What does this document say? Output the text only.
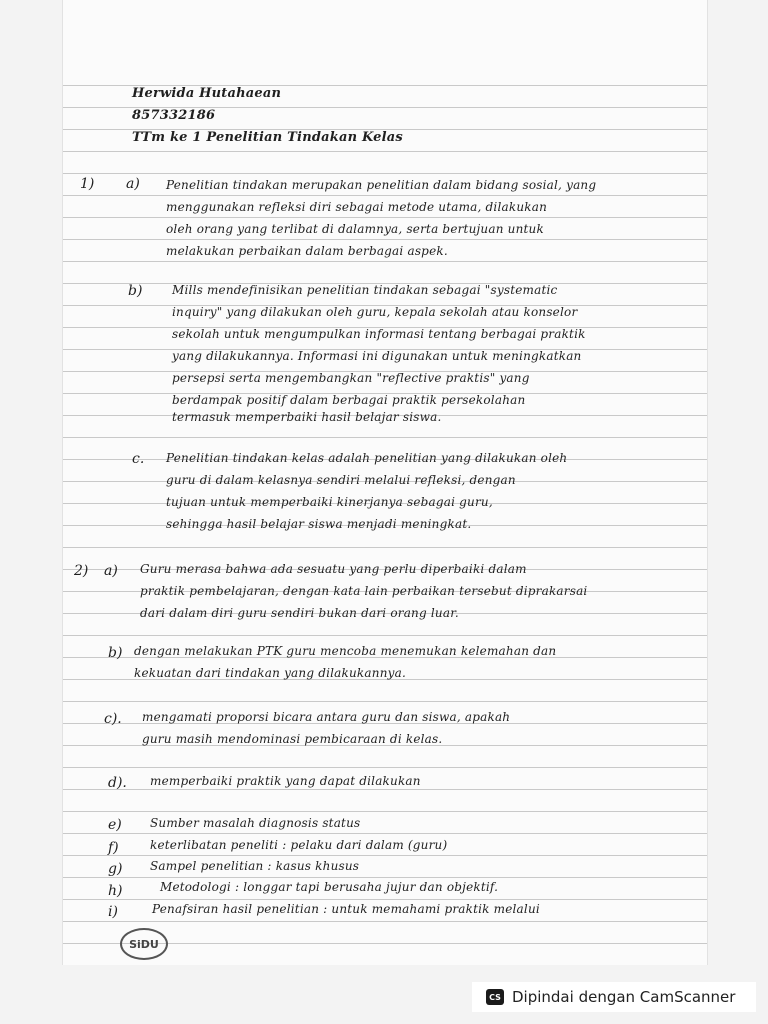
Herwida Hutahaean
857332186
TTm ke 1 Penelitian Tindakan Kelas
1) a) Penelitian tindakan merupakan penelitian dalam bidang sosial, yang
menggunakan refleksi diri sebagai metode utama, dilakukan
oleh orang yang terlibat di dalamnya, serta bertujuan untuk
melakukan perbaikan dalam berbagai aspek.
b) Mills mendefinisikan penelitian tindakan sebagai "systematic
inquiry" yang dilakukan oleh guru, kepala sekolah atau konselor
sekolah untuk mengumpulkan informasi tentang berbagai praktik
yang dilakukannya. Informasi ini digunakan untuk meningkatkan
persepsi serta mengembangkan "reflective praktis" yang
berdampak positif dalam berbagai praktik persekolahan
termasuk memperbaiki hasil belajar siswa.
c. Penelitian tindakan kelas adalah penelitian yang dilakukan oleh
guru di dalam kelasnya sendiri melalui refleksi, dengan
tujuan untuk memperbaiki kinerjanya sebagai guru,
sehingga hasil belajar siswa menjadi meningkat.
2) a) Guru merasa bahwa ada sesuatu yang perlu diperbaiki dalam
praktik pembelajaran, dengan kata lain perbaikan tersebut diprakarsai
dari dalam diri guru sendiri bukan dari orang luar.
b) dengan melakukan PTK guru mencoba menemukan kelemahan dan
kekuatan dari tindakan yang dilakukannya.
c). mengamati proporsi bicara antara guru dan siswa, apakah
guru masih mendominasi pembicaraan di kelas.
d). memperbaiki praktik yang dapat dilakukan
e) Sumber masalah diagnosis status
f)	keterlibatan peneliti : pelaku dari dalam (guru)
g) Sampel penelitian : kasus khusus
h)	Metodologi : longgar tapi berusaha jujur dan objektif.
i)	Penafsiran hasil penelitian : untuk memahami praktik melalui
SiDU
CS Dipindai dengan CamScanner
